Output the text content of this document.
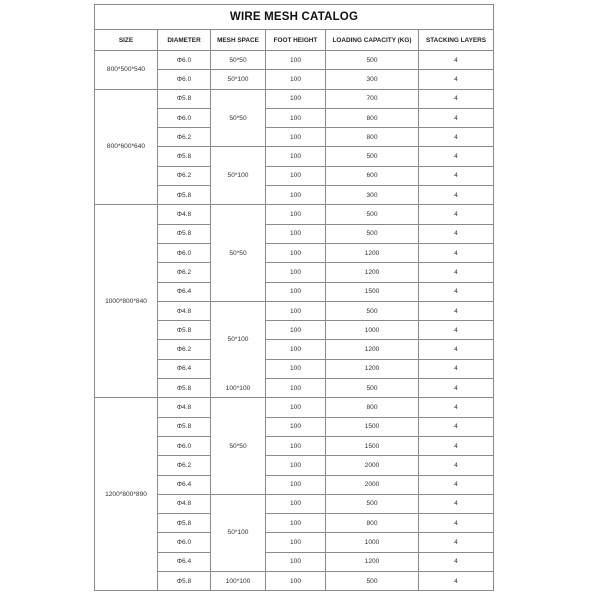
WIRE MESH CATALOG					
SIZE	DIAMETER	MESH SPACE	FOOT HEIGHT	LOADING CAPACITY (KG)	STACKING LAYERS
800*500*540	Φ6.0	50*50	100	500	4
	Φ6.0	50*100	100	300	4
800*600*640	Φ5.8	50*50	100	700	4
	Φ6.0		100	800	4
	Φ6.2		100	800	4
	Φ5.8	50*100	100	500	4
	Φ6.2		100	600	4
	Φ5.8		100	300	4
1000*800*840	Φ4.8	50*50	100	500	4
	Φ5.8		100	500	4
	Φ6.0		100	1200	4
	Φ6.2		100	1200	4
	Φ6.4		100	1500	4
	Φ4.8	50*100	100	500	4
	Φ5.8		100	1000	4
	Φ6.2		100	1200	4
	Φ6.4		100	1200	4
	Φ5.8	100*100	100	500	4
1200*800*890	Φ4.8	50*50	100	800	4
	Φ5.8		100	1500	4
	Φ6.0		100	1500	4
	Φ6.2		100	2000	4
	Φ6.4		100	2000	4
	Φ4.8	50*100	100	500	4
	Φ5.8		100	800	4
	Φ6.0		100	1000	4
	Φ6.4		100	1200	4
	Φ5.8	100*100	100	500	4
